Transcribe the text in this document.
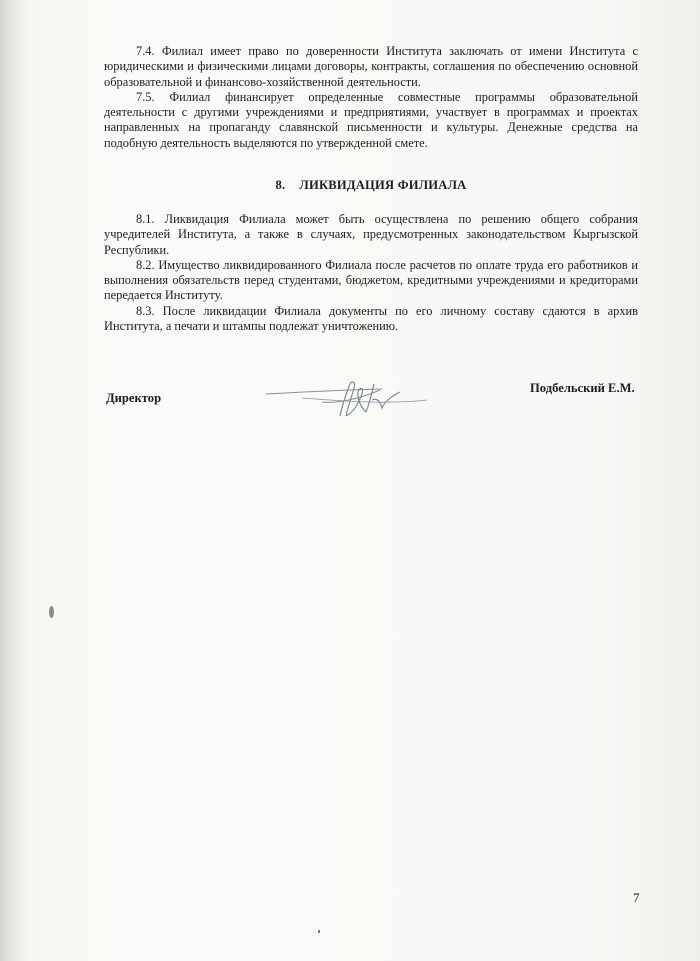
7.4. Филиал имеет право по доверенности Института заключать от имени Института с юридическими и физическими лицами договоры, контракты, соглашения по обеспечению основной образовательной и финансово-хозяйственной деятельности.

7.5. Филиал финансирует определенные совместные программы образовательной деятельности с другими учреждениями и предприятиями, участвует в программах и проектах направленных на пропаганду славянской письменности и культуры. Денежные средства на подобную деятельность выделяются по утвержденной смете.

8. ЛИКВИДАЦИЯ ФИЛИАЛА

8.1. Ликвидация Филиала может быть осуществлена по решению общего собрания учредителей Института, а также в случаях, предусмотренных законодательством Кыргызской Республики.

8.2. Имущество ликвидированного Филиала после расчетов по оплате труда его работников и выполнения обязательств перед студентами, бюджетом, кредитными учреждениями и кредиторами передается Институту.

8.3. После ликвидации Филиала документы по его личному составу сдаются в архив Института, а печати и штампы подлежат уничтожению.

Директор
Подбельский Е.М.
7
